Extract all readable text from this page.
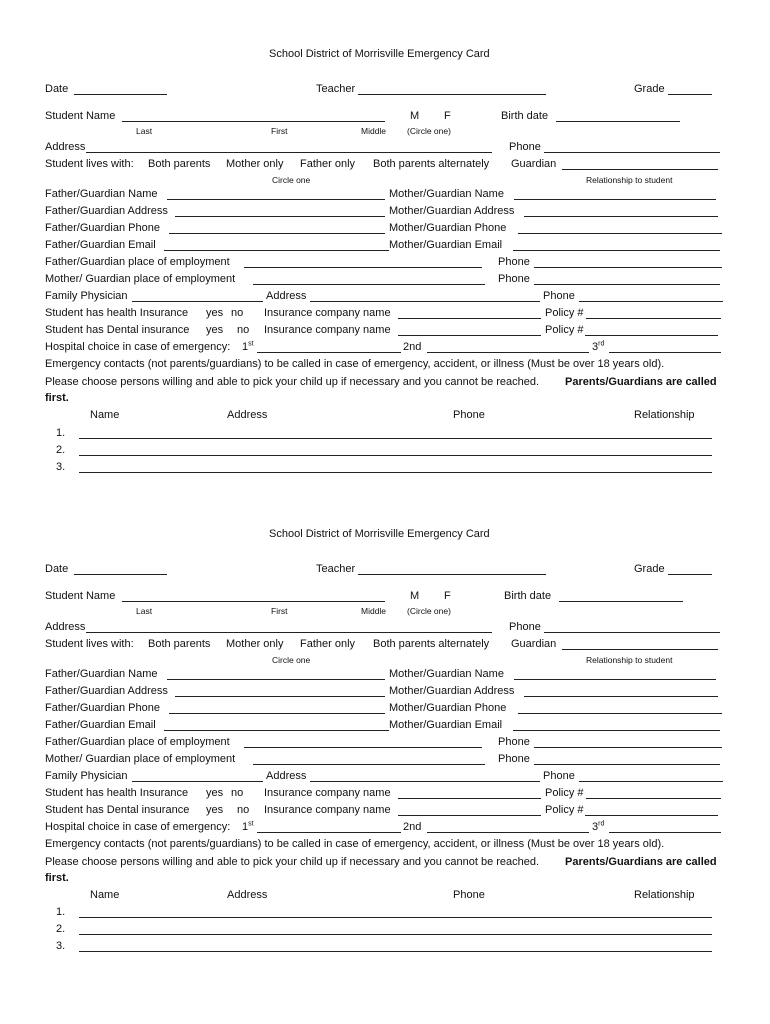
School District of Morrisville Emergency Card
Date	Teacher	Grade
Student Name	M F	Birth date
Last	First	Middle (Circle one)
Address	Phone
Student lives with: Both parents Mother only Father only Both parents alternately Guardian
Circle one	Relationship to student
Father/Guardian Name	Mother/Guardian Name
Father/Guardian Address	Mother/Guardian Address
Father/Guardian Phone	Mother/Guardian Phone
Father/Guardian Email	Mother/Guardian Email
Father/Guardian place of employment	Phone
Mother/ Guardian place of employment	Phone
Family Physician	Address	Phone
Student has health Insurance yes no Insurance company name	Policy #
Student has Dental insurance yes no Insurance company name	Policy #
Hospital choice in case of emergency: 1st	2nd	3rd
Emergency contacts (not parents/guardians) to be called in case of emergency, accident, or illness (Must be over 18 years old).
Please choose persons willing and able to pick your child up if necessary and you cannot be reached. Parents/Guardians are called
first.
Name	Address	Phone	Relationship
1.
2.
3.
School District of Morrisville Emergency Card
Date	Teacher	Grade
Student Name	M F	Birth date
Last	First	Middle (Circle one)
Address	Phone
Student lives with: Both parents Mother only Father only Both parents alternately Guardian
Circle one	Relationship to student
Father/Guardian Name	Mother/Guardian Name
Father/Guardian Address	Mother/Guardian Address
Father/Guardian Phone	Mother/Guardian Phone
Father/Guardian Email	Mother/Guardian Email
Father/Guardian place of employment	Phone
Mother/ Guardian place of employment	Phone
Family Physician	Address	Phone
Student has health Insurance yes no Insurance company name	Policy #
Student has Dental insurance yes no Insurance company name	Policy #
Hospital choice in case of emergency: 1st	2nd	3rd
Emergency contacts (not parents/guardians) to be called in case of emergency, accident, or illness (Must be over 18 years old).
Please choose persons willing and able to pick your child up if necessary and you cannot be reached. Parents/Guardians are called
first.
Name	Address	Phone	Relationship
1.
2.
3.
